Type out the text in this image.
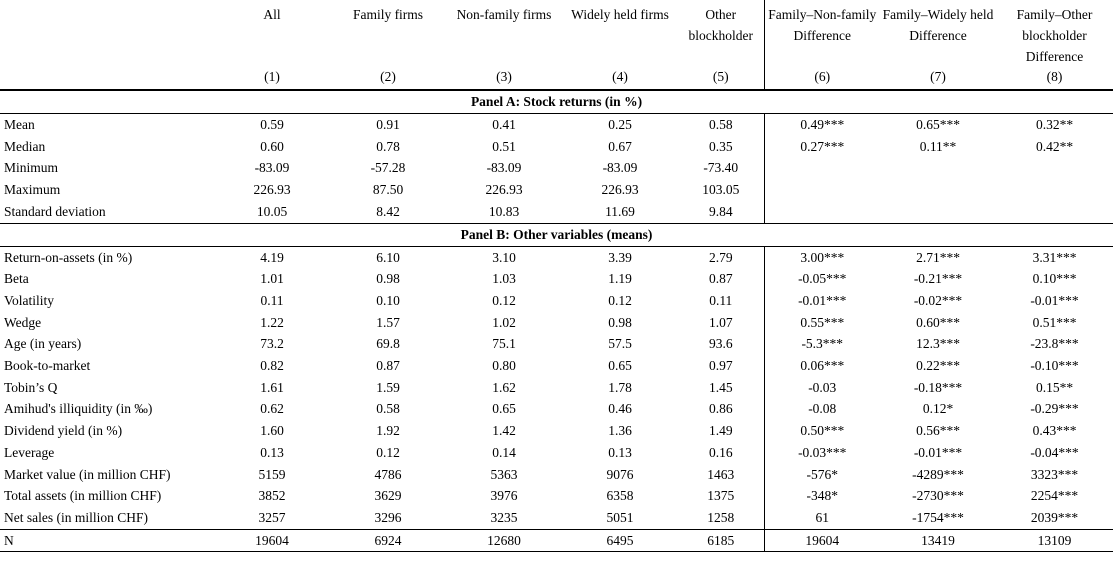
	All	Family firms	Non-family firms	Widely held firms	Other blockholder	Family–Non-family Difference	Family–Widely held Difference	Family–Other blockholder Difference
	(1)	(2)	(3)	(4)	(5)	(6)	(7)	(8)
Panel A: Stock returns (in %)								
Mean	0.59	0.91	0.41	0.25	0.58	0.49***	0.65***	0.32**
Median	0.60	0.78	0.51	0.67	0.35	0.27***	0.11**	0.42**
Minimum	-83.09	-57.28	-83.09	-83.09	-73.40			
Maximum	226.93	87.50	226.93	226.93	103.05			
Standard deviation	10.05	8.42	10.83	11.69	9.84			
Panel B: Other variables (means)								
Return-on-assets (in %)	4.19	6.10	3.10	3.39	2.79	3.00***	2.71***	3.31***
Beta	1.01	0.98	1.03	1.19	0.87	-0.05***	-0.21***	0.10***
Volatility	0.11	0.10	0.12	0.12	0.11	-0.01***	-0.02***	-0.01***
Wedge	1.22	1.57	1.02	0.98	1.07	0.55***	0.60***	0.51***
Age (in years)	73.2	69.8	75.1	57.5	93.6	-5.3***	12.3***	-23.8***
Book-to-market	0.82	0.87	0.80	0.65	0.97	0.06***	0.22***	-0.10***
Tobin’s Q	1.61	1.59	1.62	1.78	1.45	-0.03	-0.18***	0.15**
Amihud's illiquidity (in ‰)	0.62	0.58	0.65	0.46	0.86	-0.08	0.12*	-0.29***
Dividend yield (in %)	1.60	1.92	1.42	1.36	1.49	0.50***	0.56***	0.43***
Leverage	0.13	0.12	0.14	0.13	0.16	-0.03***	-0.01***	-0.04***
Market value (in million CHF)	5159	4786	5363	9076	1463	-576*	-4289***	3323***
Total assets (in million CHF)	3852	3629	3976	6358	1375	-348*	-2730***	2254***
Net sales (in million CHF)	3257	3296	3235	5051	1258	61	-1754***	2039***
N	19604	6924	12680	6495	6185	19604	13419	13109
